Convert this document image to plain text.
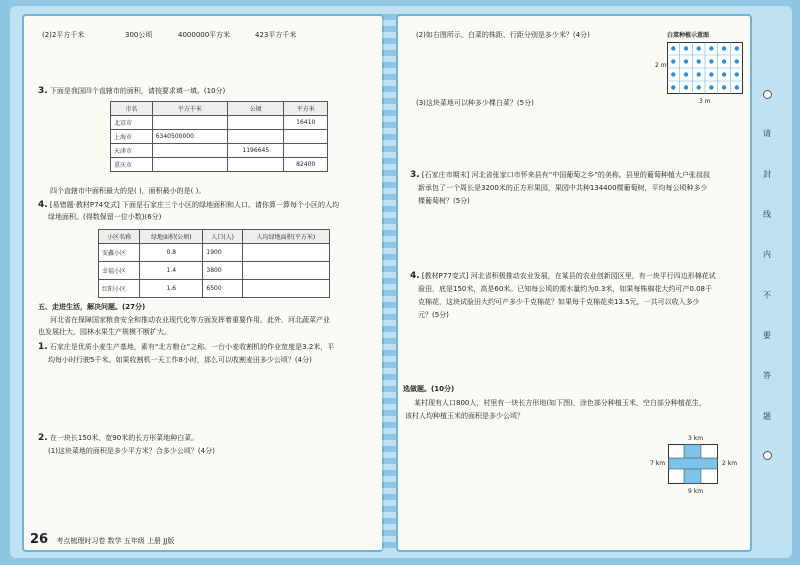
请
封
线
内
不
要
答
题
(2)2平方千米	300公顷	4000000平方米	423平方千米
3. 下面是我国四个直辖市的面积，请按要求填一填。(10分)
市名	平方千米	公顷	平方米
北京市			16410
上海市	6340500000		
天津市		1196645	
重庆市			82400
四个直辖市中面积最大的是( )，面积最小的是( )。
4. [易错题·教材P74变式] 下面是石家庄三个小区的绿地面积和人口。请你算一算每个小区的人均
绿地面积。(得数保留一位小数)(6分)
小区名称	绿地面积(公顷)	人口(人)	人均绿地面积(平方米)
安鑫小区	0.8	1900	
幸福小区	1.4	3800	
红阳小区	1.6	6500	
五、走进生活，解决问题。(27分)
河北省在保障国家粮食安全和推动农业现代化等方面发挥着重要作用。此外，河北蔬菜产业
也发展壮大，园林水果生产规模不断扩大。
1. 石家庄是优质小麦生产基地，素有“北方粮仓”之称。一台小麦收割机的作业宽度是3.2米，平
均每小时行驶5千米。如果收割机一天工作8小时，那么可以收割麦田多少公顷？(4分)
2. 在一块长150米、宽90米的长方形菜地种白菜。
(1)这块菜地的面积是多少平方米？合多少公顷？(4分)
26 考点梳理时习卷 数学 五年级 上册 JJ版
(2)如右图所示，白菜的株距、行距分别是多少米？(4分)
(3)这块菜地可以种多少棵白菜？(5分)
白菜种植示意图
2 m
3 m
3. [石家庄市期末] 河北省张家口市怀来县有“中国葡萄之乡”的美称。县里的葡萄种植大户张叔叔
新承包了一个周长是3200米的正方形果园，果园中共种134400棵葡萄树，平均每公顷种多少
棵葡萄树？(5分)
4. [教材P77变式] 河北省积极推动农业发展，在某县的农业创新园区里，有一块平行四边形棉花试
验田，底是150米，高是60米。已知每公顷的需水量约为0.3米，如果每株棉花大约可产0.08千
克棉花，这块试验田大约可产多少千克棉花？如果每千克棉花卖13.5元，一共可以收入多少
元？(5分)
选做题。(10分)
某村现有人口800人，村里有一块长方形地(如下图)，涂色部分种植玉米，空白部分种植花生，
该村人均种植玉米的面积是多少公顷？
3 km
7 km	2 km
9 km
